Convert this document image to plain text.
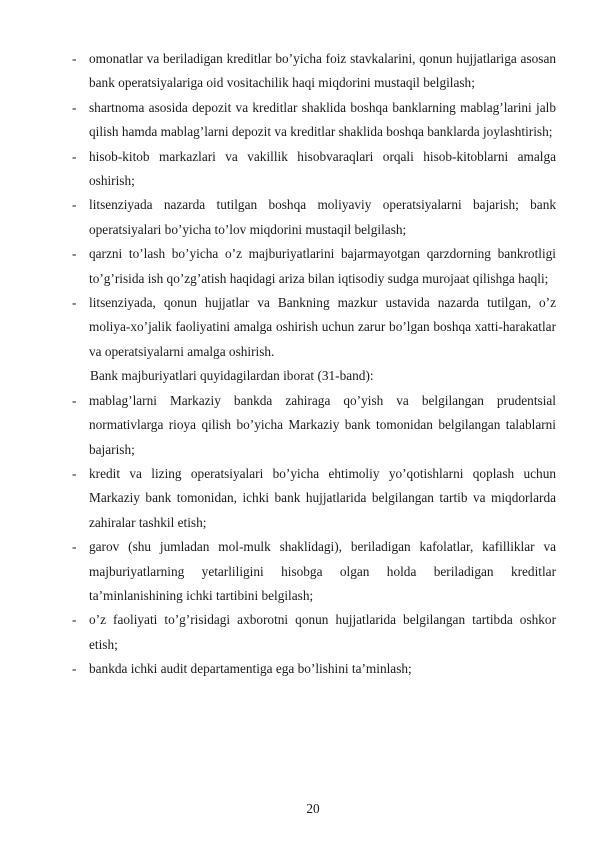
- omonatlar va beriladigan kreditlar boʼyicha foiz stavkalarini, qonun hujjatlariga asosan bank operatsiyalariga oid vositachilik haqi miqdorini mustaqil belgilash;
- shartnoma asosida depozit va kreditlar shaklida boshqa banklarning mablagʼlarini jalb qilish hamda mablagʼlarni depozit va kreditlar shaklida boshqa banklarda joylashtirish;
- hisob-kitob markazlari va vakillik hisobvaraqlari orqali hisob-kitoblarni amalga oshirish;
- litsenziyada nazarda tutilgan boshqa moliyaviy operatsiyalarni bajarish; bank operatsiyalari boʼyicha toʼlov miqdorini mustaqil belgilash;
- qarzni toʼlash boʼyicha oʼz majburiyatlarini bajarmayotgan qarzdorning bankrotligi toʼgʼrisida ish qoʼzgʼatish haqidagi ariza bilan iqtisodiy sudga murojaat qilishga haqli;
- litsenziyada, qonun hujjatlar va Bankning mazkur ustavida nazarda tutilgan, oʼz moliya-xoʼjalik faoliyatini amalga oshirish uchun zarur boʼlgan boshqa xatti-harakatlar va operatsiyalarni amalga oshirish.
Bank majburiyatlari quyidagilardan iborat (31-band):
- mablagʼlarni Markaziy bankda zahiraga qoʼyish va belgilangan prudentsial normativlarga rioya qilish boʼyicha Markaziy bank tomonidan belgilangan talablarni bajarish;
- kredit va lizing operatsiyalari boʼyicha ehtimoliy yoʼqotishlarni qoplash uchun Markaziy bank tomonidan, ichki bank hujjatlarida belgilangan tartib va miqdorlarda zahiralar tashkil etish;
- garov (shu jumladan mol-mulk shaklidagi), beriladigan kafolatlar, kafilliklar va majburiyatlarning yetarliligini hisobga olgan holda beriladigan kreditlar taʼminlanishining ichki tartibini belgilash;
- oʼz faoliyati toʼgʼrisidagi axborotni qonun hujjatlarida belgilangan tartibda oshkor etish;
- bankda ichki audit departamentiga ega boʼlishini taʼminlash;
20
